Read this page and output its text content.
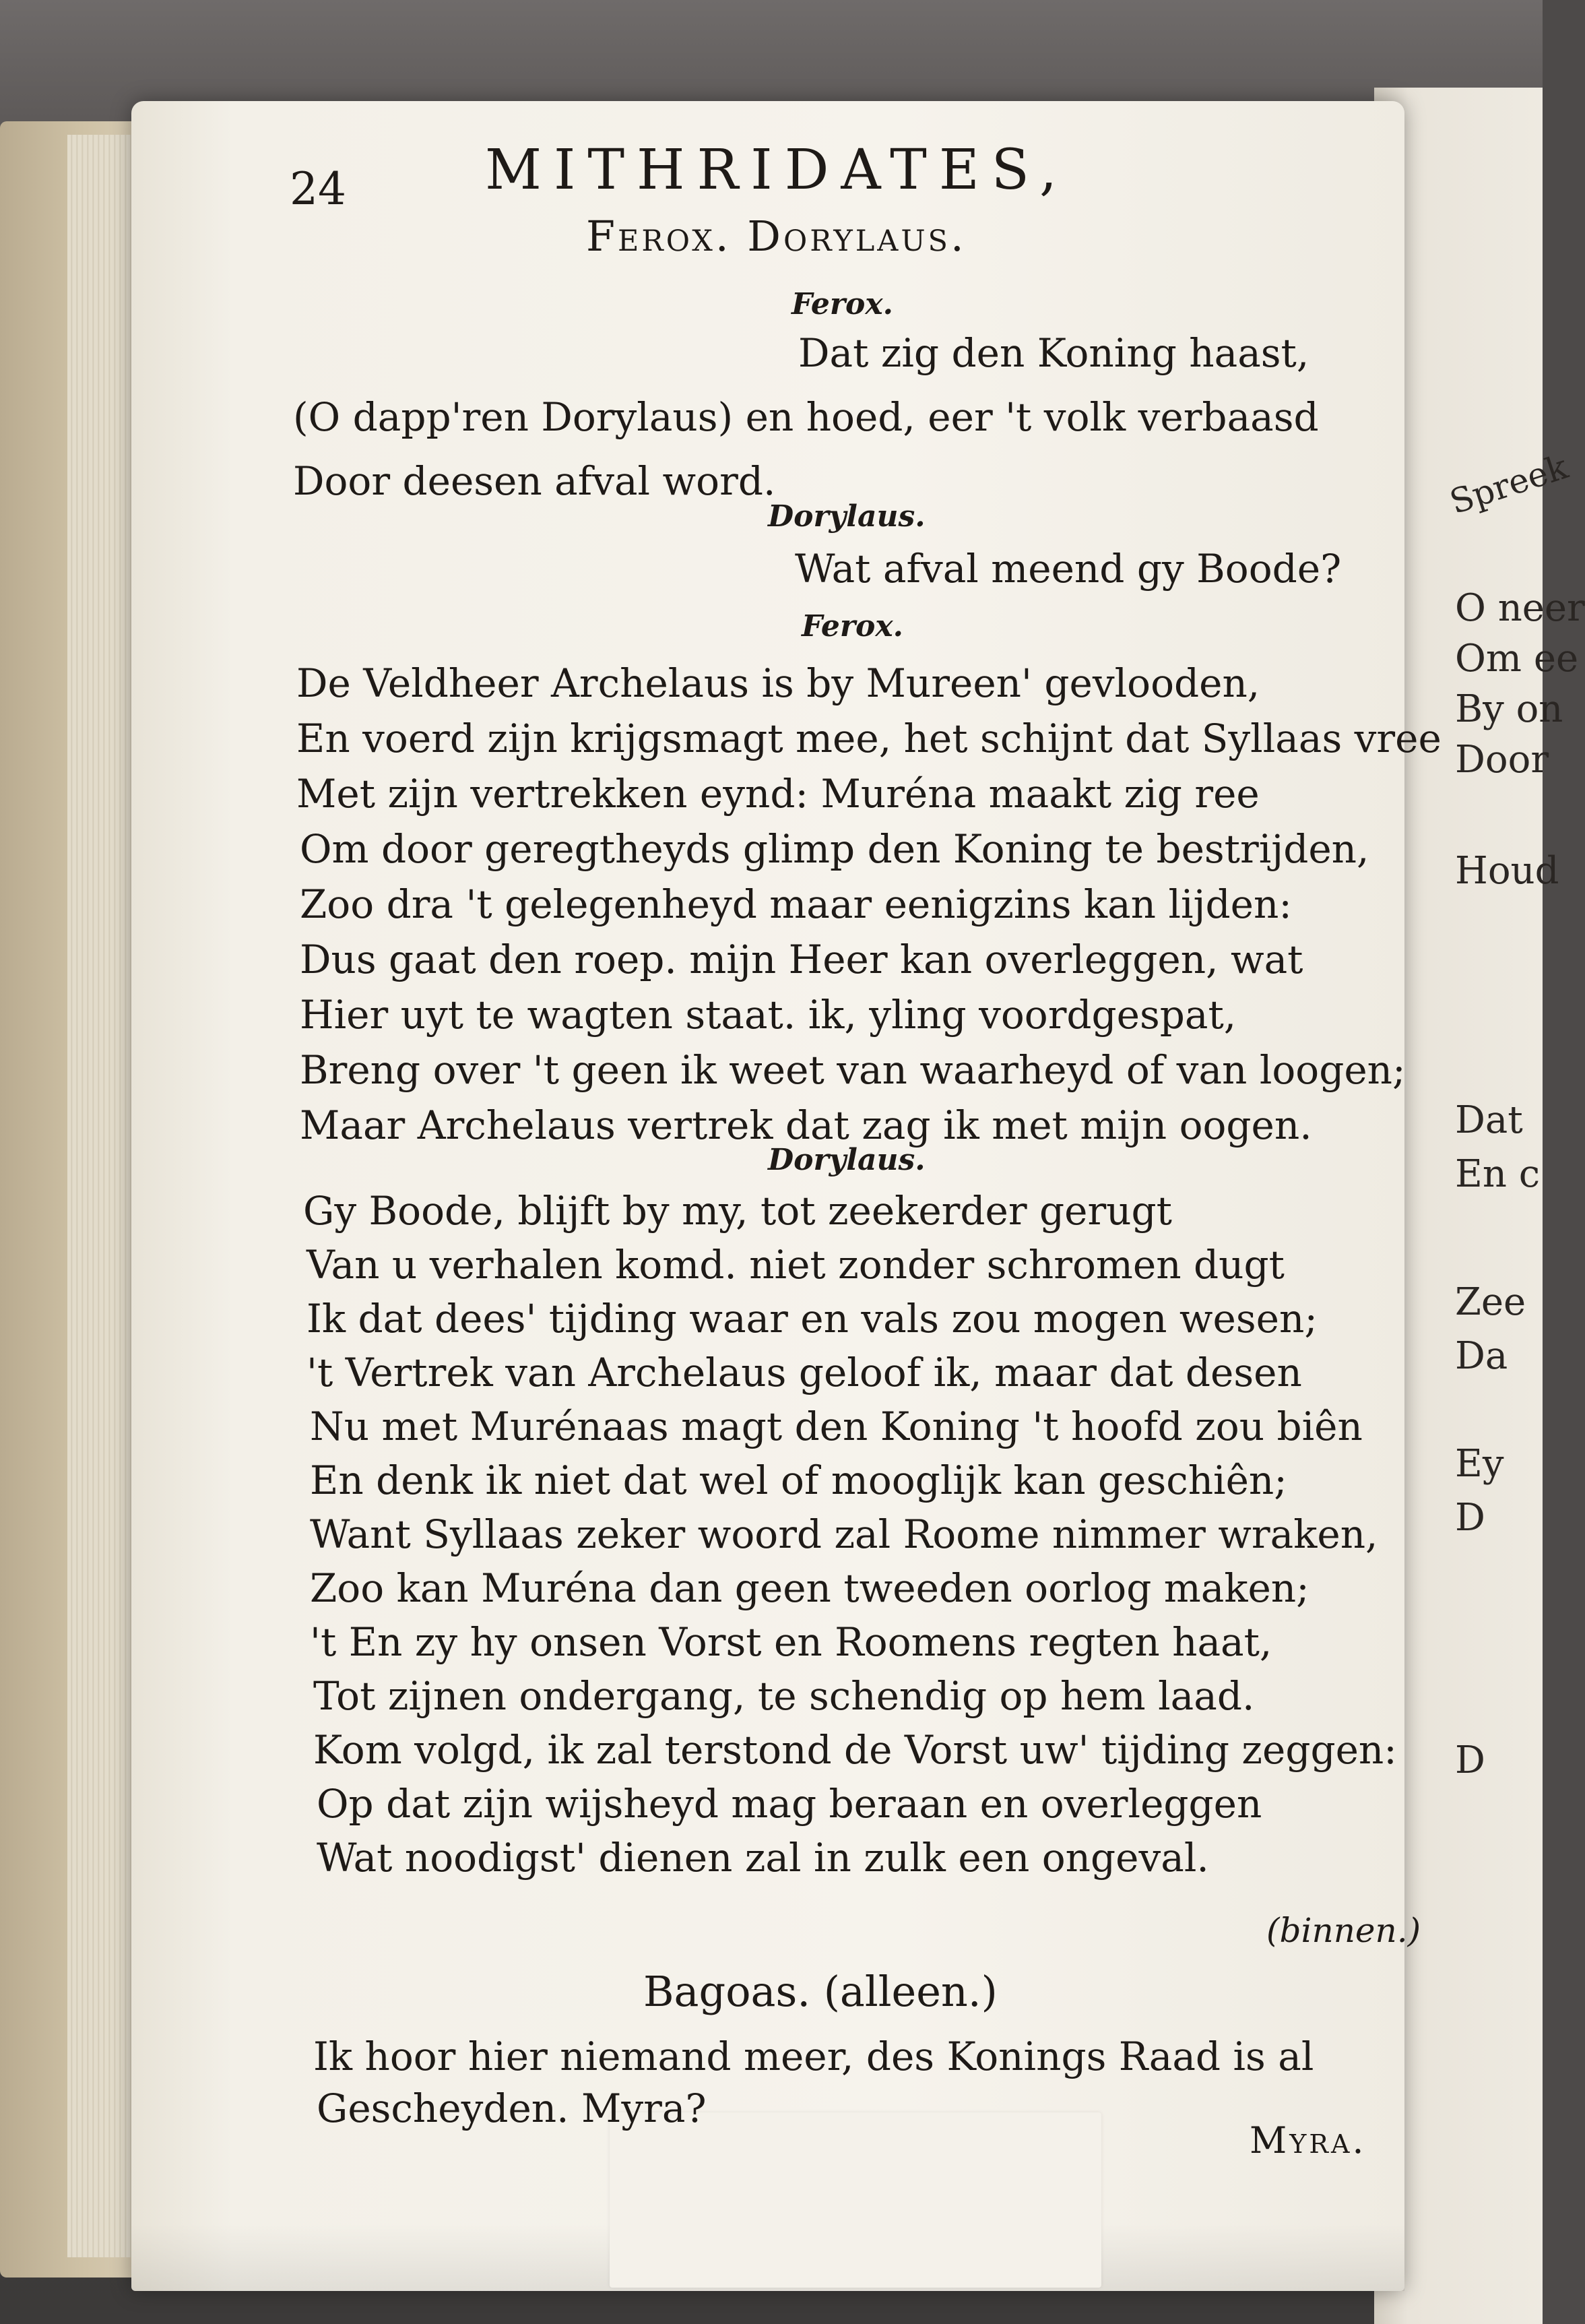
Spreek
O neer
Om ee
By on
Door
Houd
Dat
En c
Zee
Da
Ey
D
D
24	MITHRIDATES,
Ferox. Dorylaus.
Ferox.
Dat zig den Koning haast,
(O dapp'ren Dorylaus) en hoed, eer 't volk verbaasd
Door deesen afval word.
Dorylaus.
Wat afval meend gy Boode?
Ferox.
De Veldheer Archelaus is by Mureen' gevlooden,
En voerd zijn krijgsmagt mee, het schijnt dat Syllaas vree
Met zijn vertrekken eynd: Muréna maakt zig ree
Om door geregtheyds glimp den Koning te bestrijden,
Zoo dra 't gelegenheyd maar eenigzins kan lijden:
Dus gaat den roep. mijn Heer kan overleggen, wat
Hier uyt te wagten staat. ik, yling voordgespat,
Breng over 't geen ik weet van waarheyd of van loogen;
Maar Archelaus vertrek dat zag ik met mijn oogen.
Dorylaus.
Gy Boode, blijft by my, tot zeekerder gerugt
Van u verhalen komd. niet zonder schromen dugt
Ik dat dees' tijding waar en vals zou mogen wesen;
't Vertrek van Archelaus geloof ik, maar dat desen
Nu met Murénaas magt den Koning 't hoofd zou biên
En denk ik niet dat wel of mooglijk kan geschiên;
Want Syllaas zeker woord zal Roome nimmer wraken,
Zoo kan Muréna dan geen tweeden oorlog maken;
't En zy hy onsen Vorst en Roomens regten haat,
Tot zijnen ondergang, te schendig op hem laad.
Kom volgd, ik zal terstond de Vorst uw' tijding zeggen:
Op dat zijn wijsheyd mag beraan en overleggen
Wat noodigst' dienen zal in zulk een ongeval.
(binnen.)
Bagoas. (alleen.)
Ik hoor hier niemand meer, des Konings Raad is al
Gescheyden. Myra?
Myra.
